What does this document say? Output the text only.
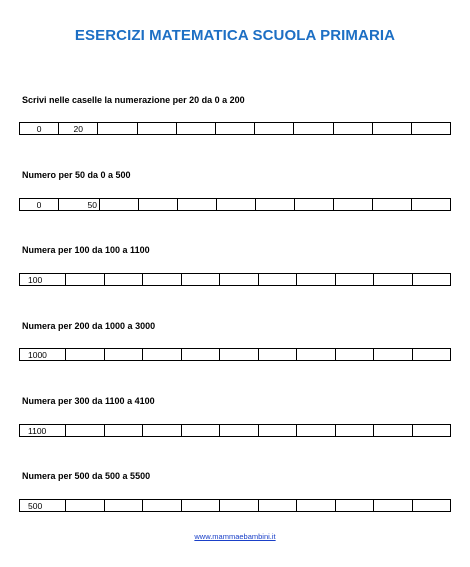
ESERCIZI MATEMATICA SCUOLA PRIMARIA
Scrivi nelle caselle la numerazione per 20 da 0 a 200
0	20
Numero per 50 da 0 a 500
0	50
Numera per 100 da 100 a 1100
100
Numera per 200 da 1000 a 3000
1000
Numera per 300 da 1100 a 4100
1100
Numera per 500 da 500 a 5500
500
www.mammaebambini.it
